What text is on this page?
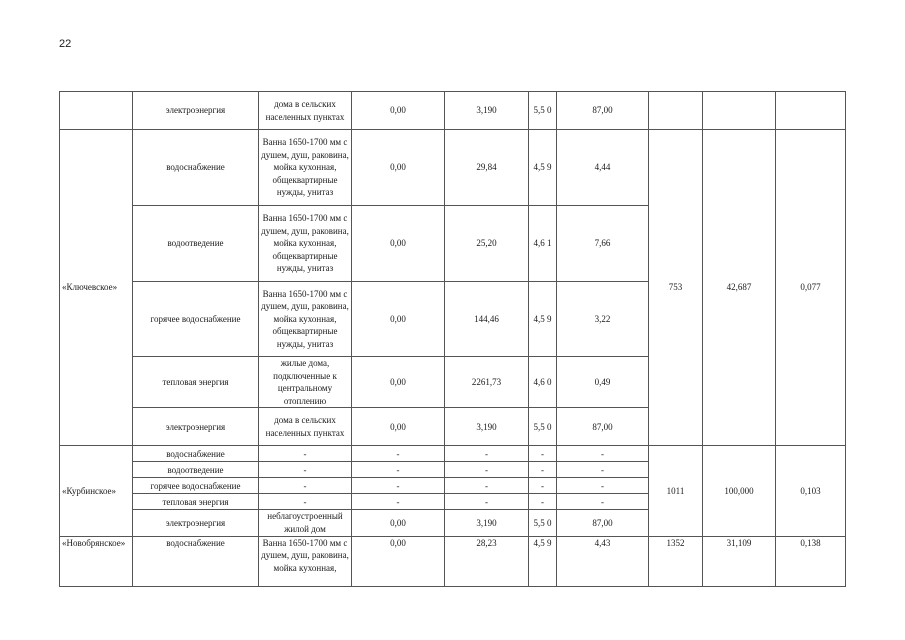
22
	электроэнергия	дома в сельских населенных пунктах	0,00	3,190	5,5 0	87,00			
«Ключевское»	водоснабжение	Ванна 1650-1700 мм с душем, душ, раковина, мойка кухонная, общеквартирные нужды, унитаз	0,00	29,84	4,5 9	4,44	753	42,687	0,077
	водоотведение	Ванна 1650-1700 мм с душем, душ, раковина, мойка кухонная, общеквартирные нужды, унитаз	0,00	25,20	4,6 1	7,66			
	горячее водоснабжение	Ванна 1650-1700 мм с душем, душ, раковина, мойка кухонная, общеквартирные нужды, унитаз	0,00	144,46	4,5 9	3,22			
	тепловая энергия	жилые дома, подключенные к центральному отоплению	0,00	2261,73	4,6 0	0,49			
	электроэнергия	дома в сельских населенных пунктах	0,00	3,190	5,5 0	87,00			
«Курбинское»	водоснабжение	-	-	-	-	-	1011	100,000	0,103
	водоотведение	-	-	-	-	-			
	горячее водоснабжение	-	-	-	-	-			
	тепловая энергия	-	-	-	-	-			
	электроэнергия	неблагоустроенный жилой дом	0,00	3,190	5,5 0	87,00			
«Новобрянское»	водоснабжение	Ванна 1650-1700 мм с душем, душ, раковина, мойка кухонная,	0,00	28,23	4,5 9	4,43	1352	31,109	0,138
